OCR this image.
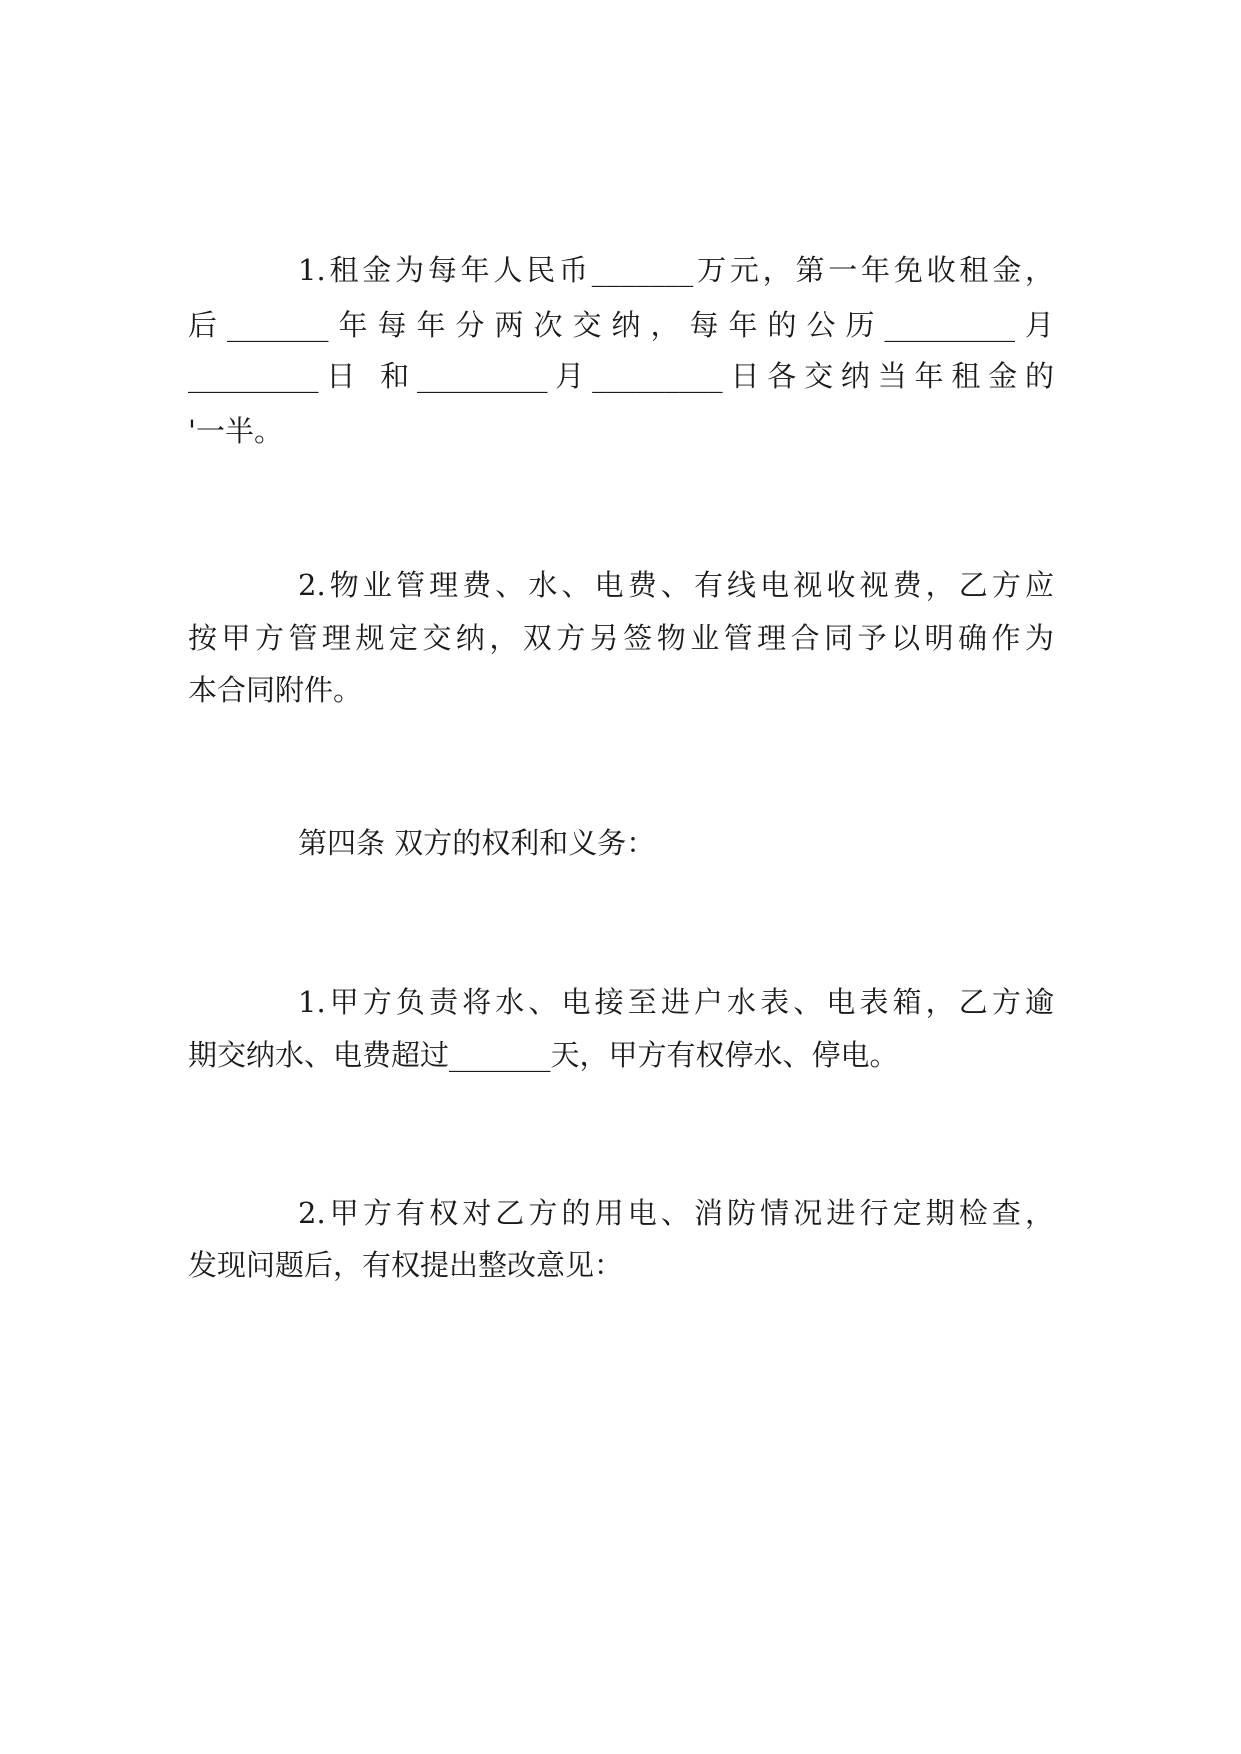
1.租金为每年人民币_______万元，第一年免收租金，
后_______年每年分两次交纳，每年的公历_________月
_________日 和_________月_________日各交纳当年租金的
'一半。
2.物业管理费、水、电费、有线电视收视费，乙方应
按甲方管理规定交纳，双方另签物业管理合同予以明确作为
本合同附件。
第四条 双方的权利和义务：
1.甲方负责将水、电接至进户水表、电表箱，乙方逾
期交纳水、电费超过_______天，甲方有权停水、停电。
2.甲方有权对乙方的用电、消防情况进行定期检查，
发现问题后，有权提出整改意见：
